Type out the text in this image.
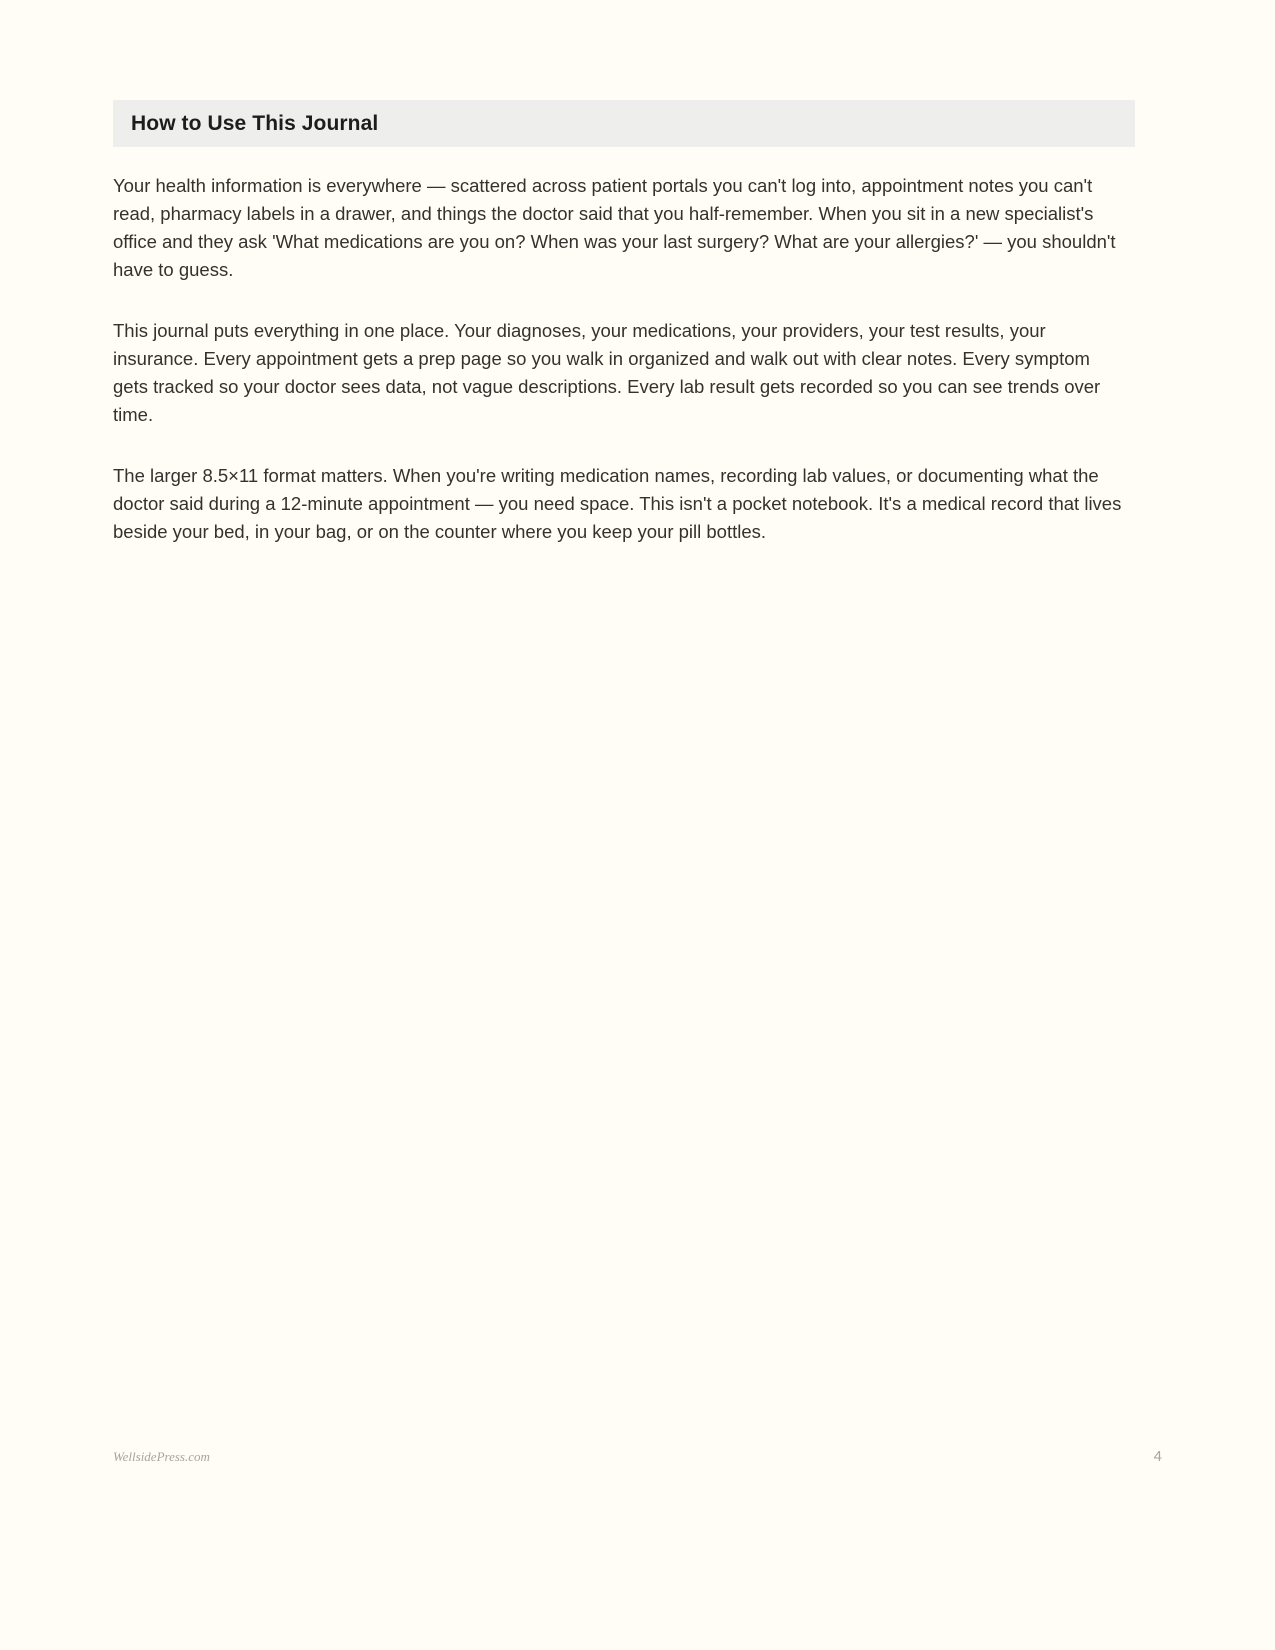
How to Use This Journal

Your health information is everywhere — scattered across patient portals you can't log into, appointment notes you can't read, pharmacy labels in a drawer, and things the doctor said that you half-remember. When you sit in a new specialist's office and they ask 'What medications are you on? When was your last surgery? What are your allergies?' — you shouldn't have to guess.

This journal puts everything in one place. Your diagnoses, your medications, your providers, your test results, your insurance. Every appointment gets a prep page so you walk in organized and walk out with clear notes. Every symptom gets tracked so your doctor sees data, not vague descriptions. Every lab result gets recorded so you can see trends over time.

The larger 8.5×11 format matters. When you're writing medication names, recording lab values, or documenting what the doctor said during a 12-minute appointment — you need space. This isn't a pocket notebook. It's a medical record that lives beside your bed, in your bag, or on the counter where you keep your pill bottles.

WellsidePress.com	4
